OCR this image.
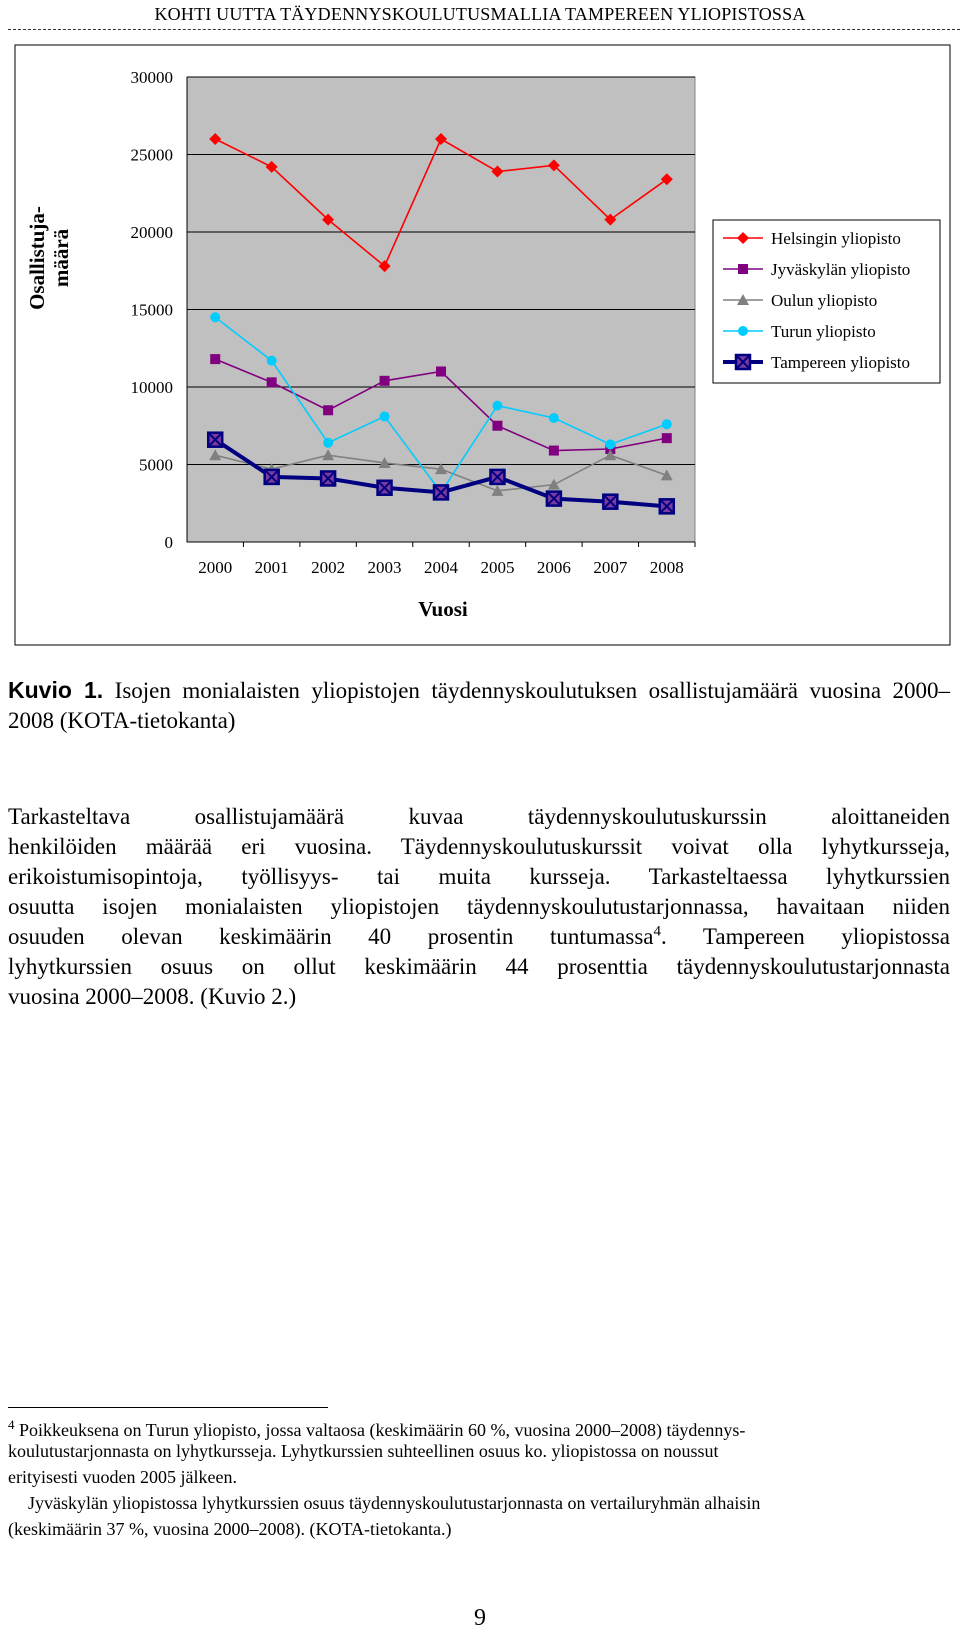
KOHTI UUTTA TÄYDENNYSKOULUTUSMALLIA TAMPEREEN YLIOPISTOSSA
0
5000
10000
15000
20000
25000
30000
2000 2001 2002 2003 2004 2005 2006 2007 2008
Vuosi
Osallistuja-määrä	Helsingin yliopisto
Jyväskylän yliopisto
Oulun yliopisto
Turun yliopisto
Tampereen yliopisto
Kuvio 1. Isojen monialaisten yliopistojen täydennyskoulutuksen osallistujamäärä vuosina 2000–2008 (KOTA-tietokanta)
Tarkasteltava osallistujamäärä kuvaa täydennyskoulutuskurssin aloittaneiden
henkilöiden määrää eri vuosina. Täydennyskoulutuskurssit voivat olla lyhytkursseja,
erikoistumisopintoja, työllisyys- tai muita kursseja. Tarkasteltaessa lyhytkurssien
osuutta isojen monialaisten yliopistojen täydennyskoulutustarjonnassa, havaitaan niiden
osuuden olevan keskimäärin 40 prosentin tuntumassa$^4$. Tampereen yliopistossa
lyhytkurssien osuus on ollut keskimäärin 44 prosenttia täydennyskoulutustarjonnasta
vuosina 2000–2008. (Kuvio 2.)
$^4$ Poikkeuksena on Turun yliopisto, jossa valtaosa (keskimäärin 60 %, vuosina 2000–2008) täydennys-
koulutustarjonnasta on lyhytkursseja. Lyhytkurssien suhteellinen osuus ko. yliopistossa on noussut
erityisesti vuoden 2005 jälkeen.
Jyväskylän yliopistossa lyhytkurssien osuus täydennyskoulutustarjonnasta on vertailuryhmän alhaisin
(keskimäärin 37 %, vuosina 2000–2008). (KOTA-tietokanta.)
9
